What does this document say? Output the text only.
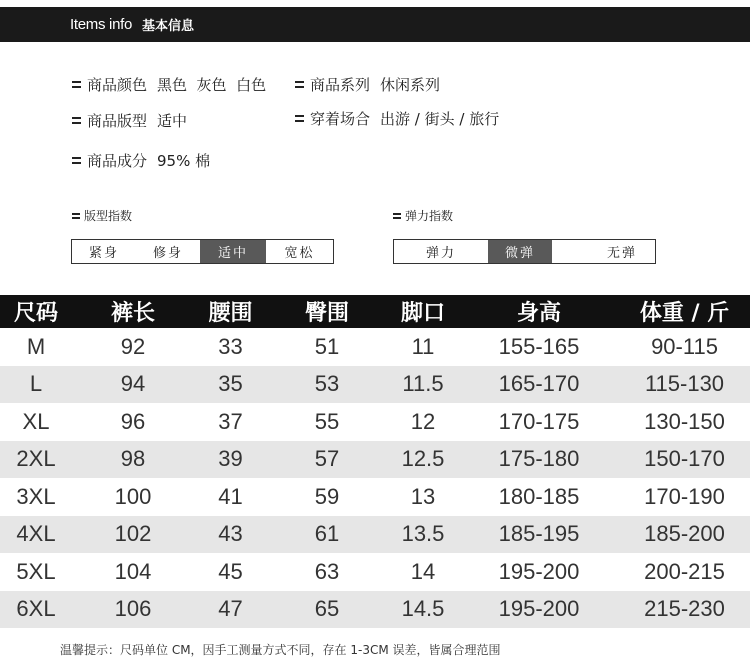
Items info 基本信息
商品颜色 黑色  灰色  白色	商品系列 休闲系列
商品版型 适中	穿着场合 出游 / 街头 / 旅行
商品成分 95% 棉
版型指数
紧身	修身	适中	宽松
弹力指数
弹力	微弹	无弹
尺码	裤长	腰围	臀围	脚口	身高	体重 / 斤
M	92	33	51	11	155-165	90-115
L	94	35	53	11.5	165-170	115-130
XL	96	37	55	12	170-175	130-150
2XL	98	39	57	12.5	175-180	150-170
3XL	100	41	59	13	180-185	170-190
4XL	102	43	61	13.5	185-195	185-200
5XL	104	45	63	14	195-200	200-215
6XL	106	47	65	14.5	195-200	215-230
温馨提示：尺码单位 CM，因手工测量方式不同，存在 1-3CM 误差，皆属合理范围
